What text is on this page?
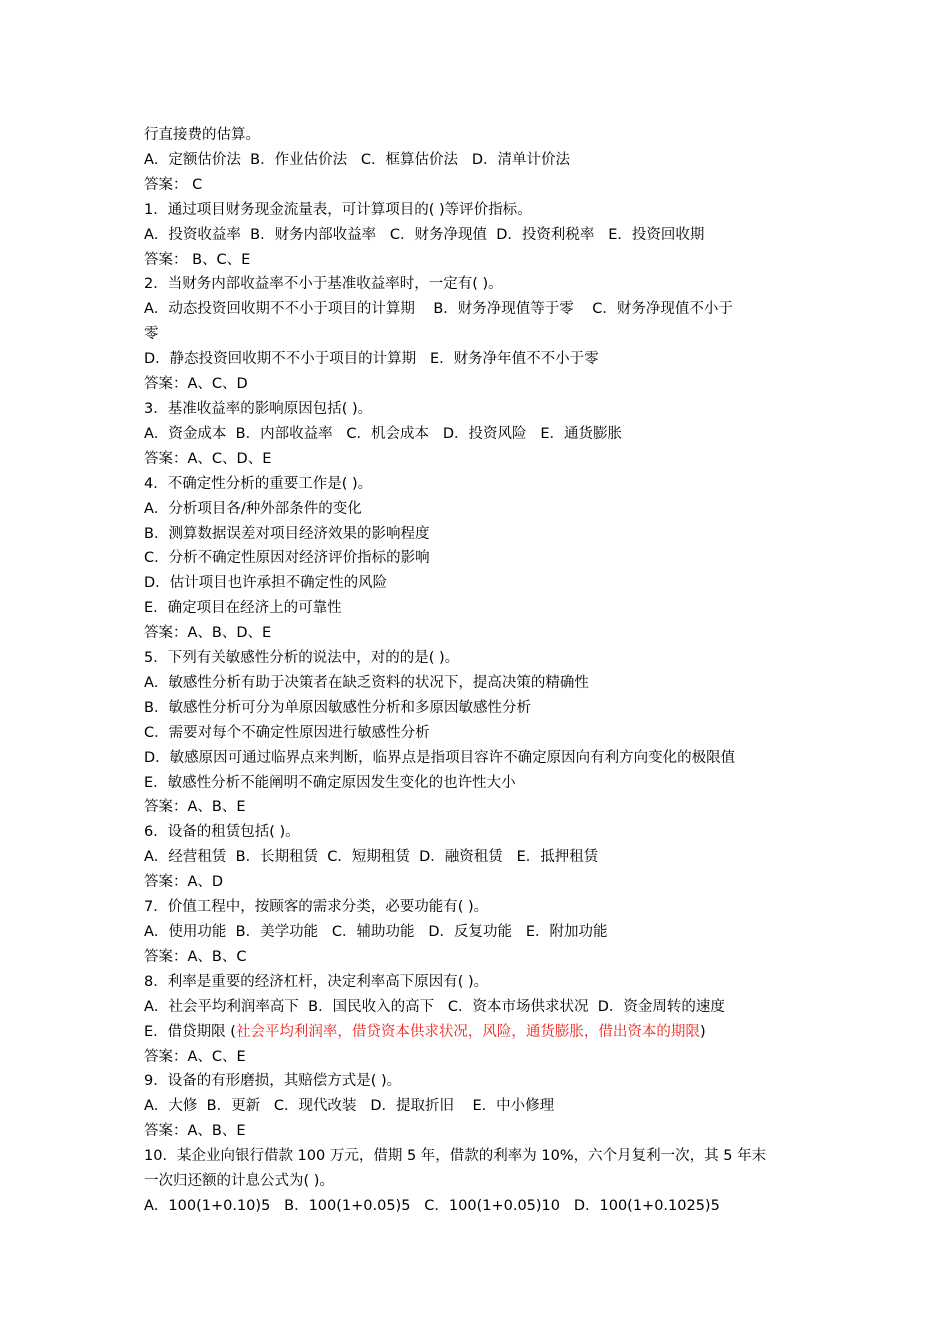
行直接费的估算。
A．定额估价法  B．作业估价法   C．框算估价法   D．清单计价法
答案： C
1．通过项目财务现金流量表，可计算项目的( )等评价指标。
A．投资收益率  B．财务内部收益率   C．财务净现值  D．投资利税率   E．投资回收期
答案： B、C、E
2．当财务内部收益率不小于基准收益率时，一定有( )。
A．动态投资回收期不不小于项目的计算期    B．财务净现值等于零    C．财务净现值不小于
零
D．静态投资回收期不不小于项目的计算期   E．财务净年值不不小于零
答案：A、C、D
3．基准收益率的影响原因包括( )。
A．资金成本  B．内部收益率   C．机会成本   D．投资风险   E．通货膨胀
答案：A、C、D、E
4．不确定性分析的重要工作是( )。
A．分析项目各/种外部条件的变化
B．测算数据误差对项目经济效果的影响程度
C．分析不确定性原因对经济评价指标的影响
D．估计项目也许承担不确定性的风险
E．确定项目在经济上的可靠性
答案：A、B、D、E
5．下列有关敏感性分析的说法中，对的的是( )。
A．敏感性分析有助于决策者在缺乏资料的状况下，提高决策的精确性
B．敏感性分析可分为单原因敏感性分析和多原因敏感性分析
C．需要对每个不确定性原因进行敏感性分析
D．敏感原因可通过临界点来判断，临界点是指项目容许不确定原因向有利方向变化的极限值
E．敏感性分析不能阐明不确定原因发生变化的也许性大小
答案：A、B、E
6．设备的租赁包括( )。
A．经营租赁  B．长期租赁  C．短期租赁  D．融资租赁   E．抵押租赁
答案：A、D
7．价值工程中，按顾客的需求分类，必要功能有( )。
A．使用功能  B．美学功能   C．辅助功能   D．反复功能   E．附加功能
答案：A、B、C
8．利率是重要的经济杠杆，决定利率高下原因有( )。
A．社会平均利润率高下  B．国民收入的高下   C．资本市场供求状况  D．资金周转的速度
E．借贷期限 (社会平均利润率，借贷资本供求状况，风险，通货膨胀，借出资本的期限)
答案：A、C、E
9．设备的有形磨损，其赔偿方式是( )。
A．大修  B．更新   C．现代改装   D．提取折旧    E．中小修理
答案：A、B、E
10．某企业向银行借款 100 万元，借期 5 年，借款的利率为 10%，六个月复利一次，其 5 年末
一次归还额的计息公式为( )。
A．100(1+0.10)5   B．100(1+0.05)5   C．100(1+0.05)10   D．100(1+0.1025)5
